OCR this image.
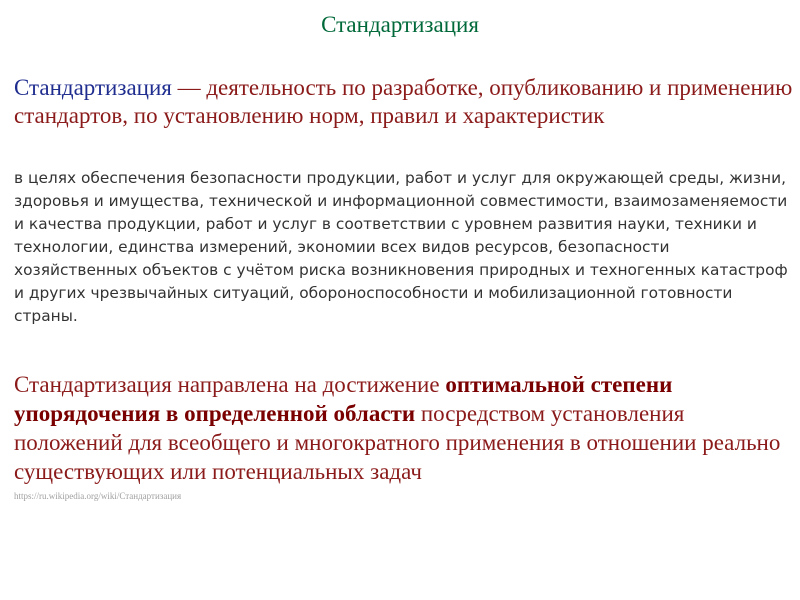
Стандартизация
Стандартизация — деятельность по разработке, опубликованию и применению стандартов, по установлению норм, правил и характеристик
в целях обеспечения безопасности продукции, работ и услуг для окружающей среды, жизни, здоровья и имущества, технической и информационной совместимости, взаимозаменяемости и качества продукции, работ и услуг в соответствии с уровнем развития науки, техники и технологии, единства измерений, экономии всех видов ресурсов, безопасности хозяйственных объектов с учётом риска возникновения природных и техногенных катастроф и других чрезвычайных ситуаций, обороноспособности и мобилизационной готовности страны.
Стандартизация направлена на достижение оптимальной степени упорядочения в определенной области посредством установления положений для всеобщего и многократного применения в отношении реально существующих или потенциальных задач
https://ru.wikipedia.org/wiki/Стандартизация
